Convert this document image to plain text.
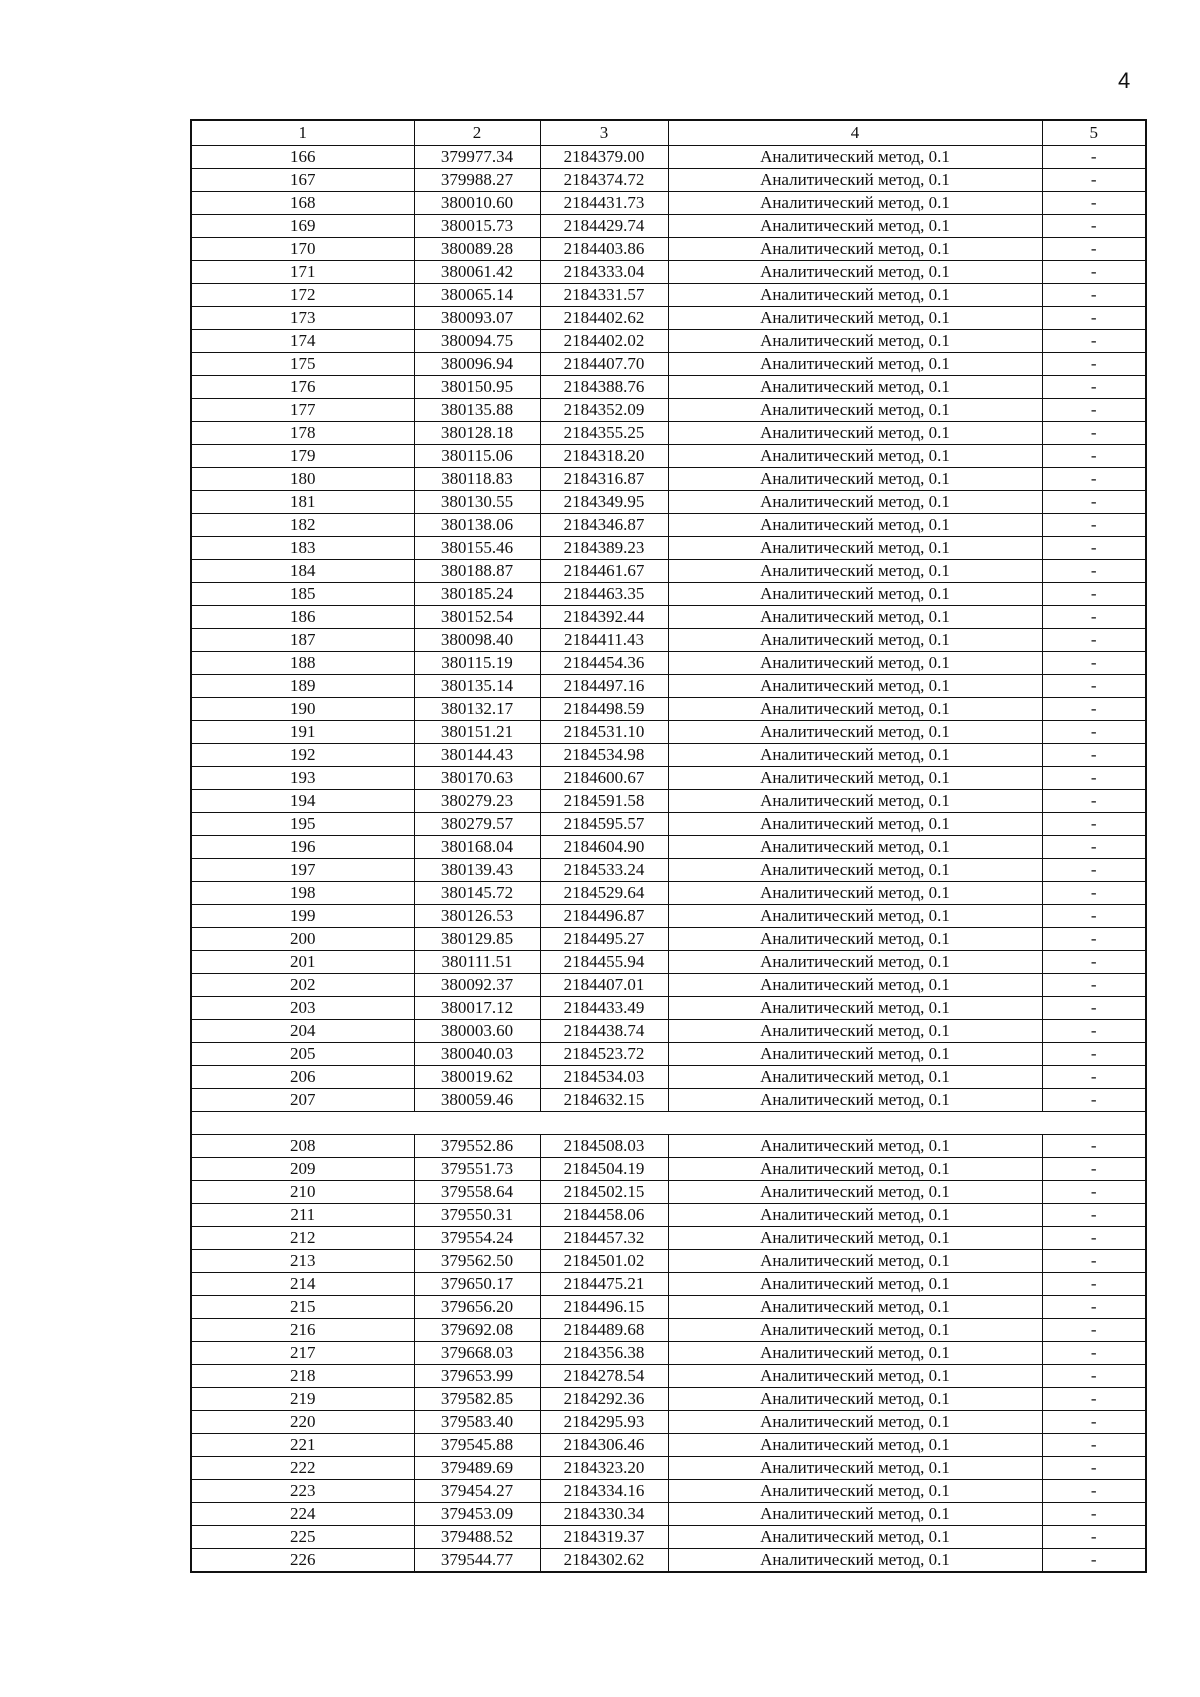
4
1	2	3	4	5
166	379977.34	2184379.00	Аналитический метод, 0.1	-
167	379988.27	2184374.72	Аналитический метод, 0.1	-
168	380010.60	2184431.73	Аналитический метод, 0.1	-
169	380015.73	2184429.74	Аналитический метод, 0.1	-
170	380089.28	2184403.86	Аналитический метод, 0.1	-
171	380061.42	2184333.04	Аналитический метод, 0.1	-
172	380065.14	2184331.57	Аналитический метод, 0.1	-
173	380093.07	2184402.62	Аналитический метод, 0.1	-
174	380094.75	2184402.02	Аналитический метод, 0.1	-
175	380096.94	2184407.70	Аналитический метод, 0.1	-
176	380150.95	2184388.76	Аналитический метод, 0.1	-
177	380135.88	2184352.09	Аналитический метод, 0.1	-
178	380128.18	2184355.25	Аналитический метод, 0.1	-
179	380115.06	2184318.20	Аналитический метод, 0.1	-
180	380118.83	2184316.87	Аналитический метод, 0.1	-
181	380130.55	2184349.95	Аналитический метод, 0.1	-
182	380138.06	2184346.87	Аналитический метод, 0.1	-
183	380155.46	2184389.23	Аналитический метод, 0.1	-
184	380188.87	2184461.67	Аналитический метод, 0.1	-
185	380185.24	2184463.35	Аналитический метод, 0.1	-
186	380152.54	2184392.44	Аналитический метод, 0.1	-
187	380098.40	2184411.43	Аналитический метод, 0.1	-
188	380115.19	2184454.36	Аналитический метод, 0.1	-
189	380135.14	2184497.16	Аналитический метод, 0.1	-
190	380132.17	2184498.59	Аналитический метод, 0.1	-
191	380151.21	2184531.10	Аналитический метод, 0.1	-
192	380144.43	2184534.98	Аналитический метод, 0.1	-
193	380170.63	2184600.67	Аналитический метод, 0.1	-
194	380279.23	2184591.58	Аналитический метод, 0.1	-
195	380279.57	2184595.57	Аналитический метод, 0.1	-
196	380168.04	2184604.90	Аналитический метод, 0.1	-
197	380139.43	2184533.24	Аналитический метод, 0.1	-
198	380145.72	2184529.64	Аналитический метод, 0.1	-
199	380126.53	2184496.87	Аналитический метод, 0.1	-
200	380129.85	2184495.27	Аналитический метод, 0.1	-
201	380111.51	2184455.94	Аналитический метод, 0.1	-
202	380092.37	2184407.01	Аналитический метод, 0.1	-
203	380017.12	2184433.49	Аналитический метод, 0.1	-
204	380003.60	2184438.74	Аналитический метод, 0.1	-
205	380040.03	2184523.72	Аналитический метод, 0.1	-
206	380019.62	2184534.03	Аналитический метод, 0.1	-
207	380059.46	2184632.15	Аналитический метод, 0.1	-

208	379552.86	2184508.03	Аналитический метод, 0.1	-
209	379551.73	2184504.19	Аналитический метод, 0.1	-
210	379558.64	2184502.15	Аналитический метод, 0.1	-
211	379550.31	2184458.06	Аналитический метод, 0.1	-
212	379554.24	2184457.32	Аналитический метод, 0.1	-
213	379562.50	2184501.02	Аналитический метод, 0.1	-
214	379650.17	2184475.21	Аналитический метод, 0.1	-
215	379656.20	2184496.15	Аналитический метод, 0.1	-
216	379692.08	2184489.68	Аналитический метод, 0.1	-
217	379668.03	2184356.38	Аналитический метод, 0.1	-
218	379653.99	2184278.54	Аналитический метод, 0.1	-
219	379582.85	2184292.36	Аналитический метод, 0.1	-
220	379583.40	2184295.93	Аналитический метод, 0.1	-
221	379545.88	2184306.46	Аналитический метод, 0.1	-
222	379489.69	2184323.20	Аналитический метод, 0.1	-
223	379454.27	2184334.16	Аналитический метод, 0.1	-
224	379453.09	2184330.34	Аналитический метод, 0.1	-
225	379488.52	2184319.37	Аналитический метод, 0.1	-
226	379544.77	2184302.62	Аналитический метод, 0.1	-
